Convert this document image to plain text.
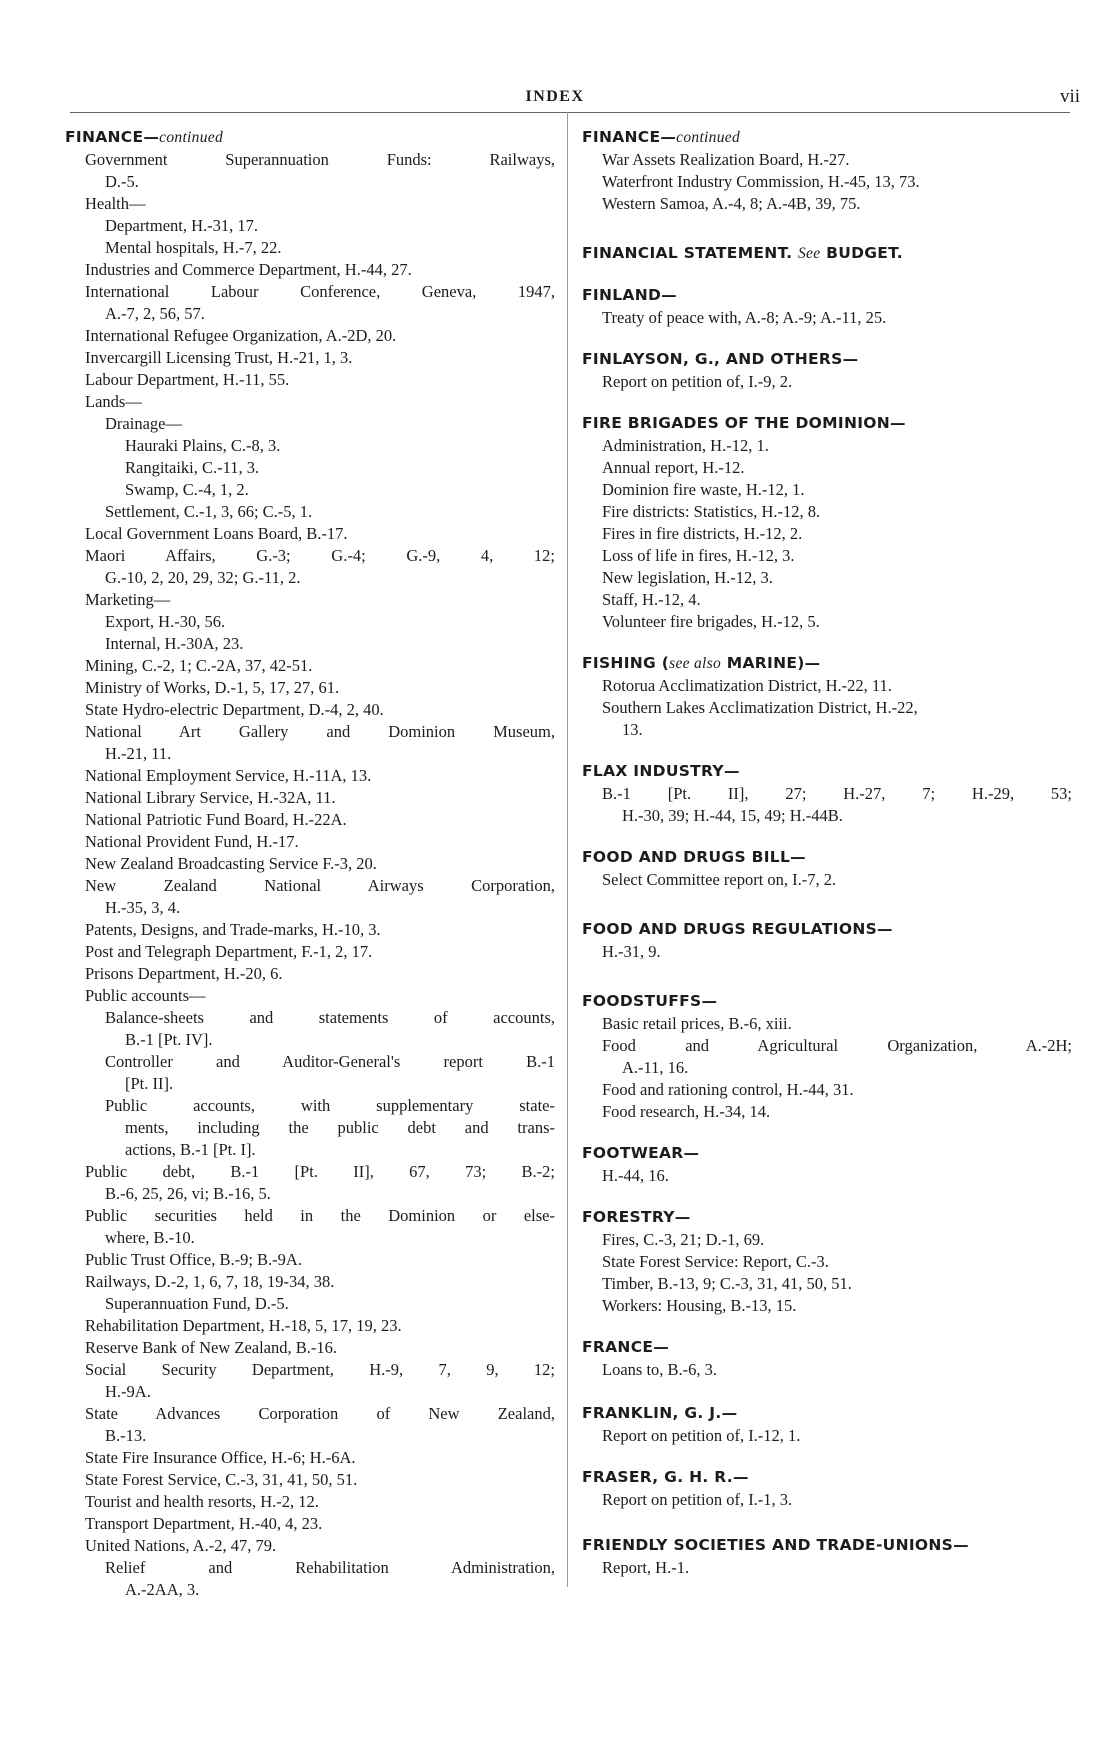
INDEX	vii
FINANCE—continued
Government Superannuation Funds: Railways,
D.-5.
Health—
Department, H.-31, 17.
Mental hospitals, H.-7, 22.
Industries and Commerce Department, H.-44, 27.
International Labour Conference, Geneva, 1947,
A.-7, 2, 56, 57.
International Refugee Organization, A.-2D, 20.
Invercargill Licensing Trust, H.-21, 1, 3.
Labour Department, H.-11, 55.
Lands—
Drainage—
Hauraki Plains, C.-8, 3.
Rangitaiki, C.-11, 3.
Swamp, C.-4, 1, 2.
Settlement, C.-1, 3, 66; C.-5, 1.
Local Government Loans Board, B.-17.
Maori Affairs, G.-3; G.-4; G.-9, 4, 12;
G.-10, 2, 20, 29, 32; G.-11, 2.
Marketing—
Export, H.-30, 56.
Internal, H.-30A, 23.
Mining, C.-2, 1; C.-2A, 37, 42-51.
Ministry of Works, D.-1, 5, 17, 27, 61.
State Hydro-electric Department, D.-4, 2, 40.
National Art Gallery and Dominion Museum,
H.-21, 11.
National Employment Service, H.-11A, 13.
National Library Service, H.-32A, 11.
National Patriotic Fund Board, H.-22A.
National Provident Fund, H.-17.
New Zealand Broadcasting Service F.-3, 20.
New Zealand National Airways Corporation,
H.-35, 3, 4.
Patents, Designs, and Trade-marks, H.-10, 3.
Post and Telegraph Department, F.-1, 2, 17.
Prisons Department, H.-20, 6.
Public accounts—
Balance-sheets and statements of accounts,
B.-1 [Pt. IV].
Controller and Auditor-General's report B.-1
[Pt. II].
Public accounts, with supplementary state-
ments, including the public debt and trans-
actions, B.-1 [Pt. I].
Public debt, B.-1 [Pt. II], 67, 73; B.-2;
B.-6, 25, 26, vi; B.-16, 5.
Public securities held in the Dominion or else-
where, B.-10.
Public Trust Office, B.-9; B.-9A.
Railways, D.-2, 1, 6, 7, 18, 19-34, 38.
Superannuation Fund, D.-5.
Rehabilitation Department, H.-18, 5, 17, 19, 23.
Reserve Bank of New Zealand, B.-16.
Social Security Department, H.-9, 7, 9, 12;
H.-9A.
State Advances Corporation of New Zealand,
B.-13.
State Fire Insurance Office, H.-6; H.-6A.
State Forest Service, C.-3, 31, 41, 50, 51.
Tourist and health resorts, H.-2, 12.
Transport Department, H.-40, 4, 23.
United Nations, A.-2, 47, 79.
Relief and Rehabilitation Administration,
A.-2AA, 3.
FINANCE—continued
War Assets Realization Board, H.-27.
Waterfront Industry Commission, H.-45, 13, 73.
Western Samoa, A.-4, 8; A.-4B, 39, 75.
FINANCIAL STATEMENT. See BUDGET.
FINLAND—
Treaty of peace with, A.-8; A.-9; A.-11, 25.
FINLAYSON, G., AND OTHERS—
Report on petition of, I.-9, 2.
FIRE BRIGADES OF THE DOMINION—
Administration, H.-12, 1.
Annual report, H.-12.
Dominion fire waste, H.-12, 1.
Fire districts: Statistics, H.-12, 8.
Fires in fire districts, H.-12, 2.
Loss of life in fires, H.-12, 3.
New legislation, H.-12, 3.
Staff, H.-12, 4.
Volunteer fire brigades, H.-12, 5.
FISHING (see also MARINE)—
Rotorua Acclimatization District, H.-22, 11.
Southern Lakes Acclimatization District, H.-22,
13.
FLAX INDUSTRY—
B.-1 [Pt. II], 27; H.-27, 7; H.-29, 53;
H.-30, 39; H.-44, 15, 49; H.-44B.
FOOD AND DRUGS BILL—
Select Committee report on, I.-7, 2.
FOOD AND DRUGS REGULATIONS—
H.-31, 9.
FOODSTUFFS—
Basic retail prices, B.-6, xiii.
Food and Agricultural Organization, A.-2H;
A.-11, 16.
Food and rationing control, H.-44, 31.
Food research, H.-34, 14.
FOOTWEAR—
H.-44, 16.
FORESTRY—
Fires, C.-3, 21; D.-1, 69.
State Forest Service: Report, C.-3.
Timber, B.-13, 9; C.-3, 31, 41, 50, 51.
Workers: Housing, B.-13, 15.
FRANCE—
Loans to, B.-6, 3.
FRANKLIN, G. J.—
Report on petition of, I.-12, 1.
FRASER, G. H. R.—
Report on petition of, I.-1, 3.
FRIENDLY SOCIETIES AND TRADE-UNIONS—
Report, H.-1.
